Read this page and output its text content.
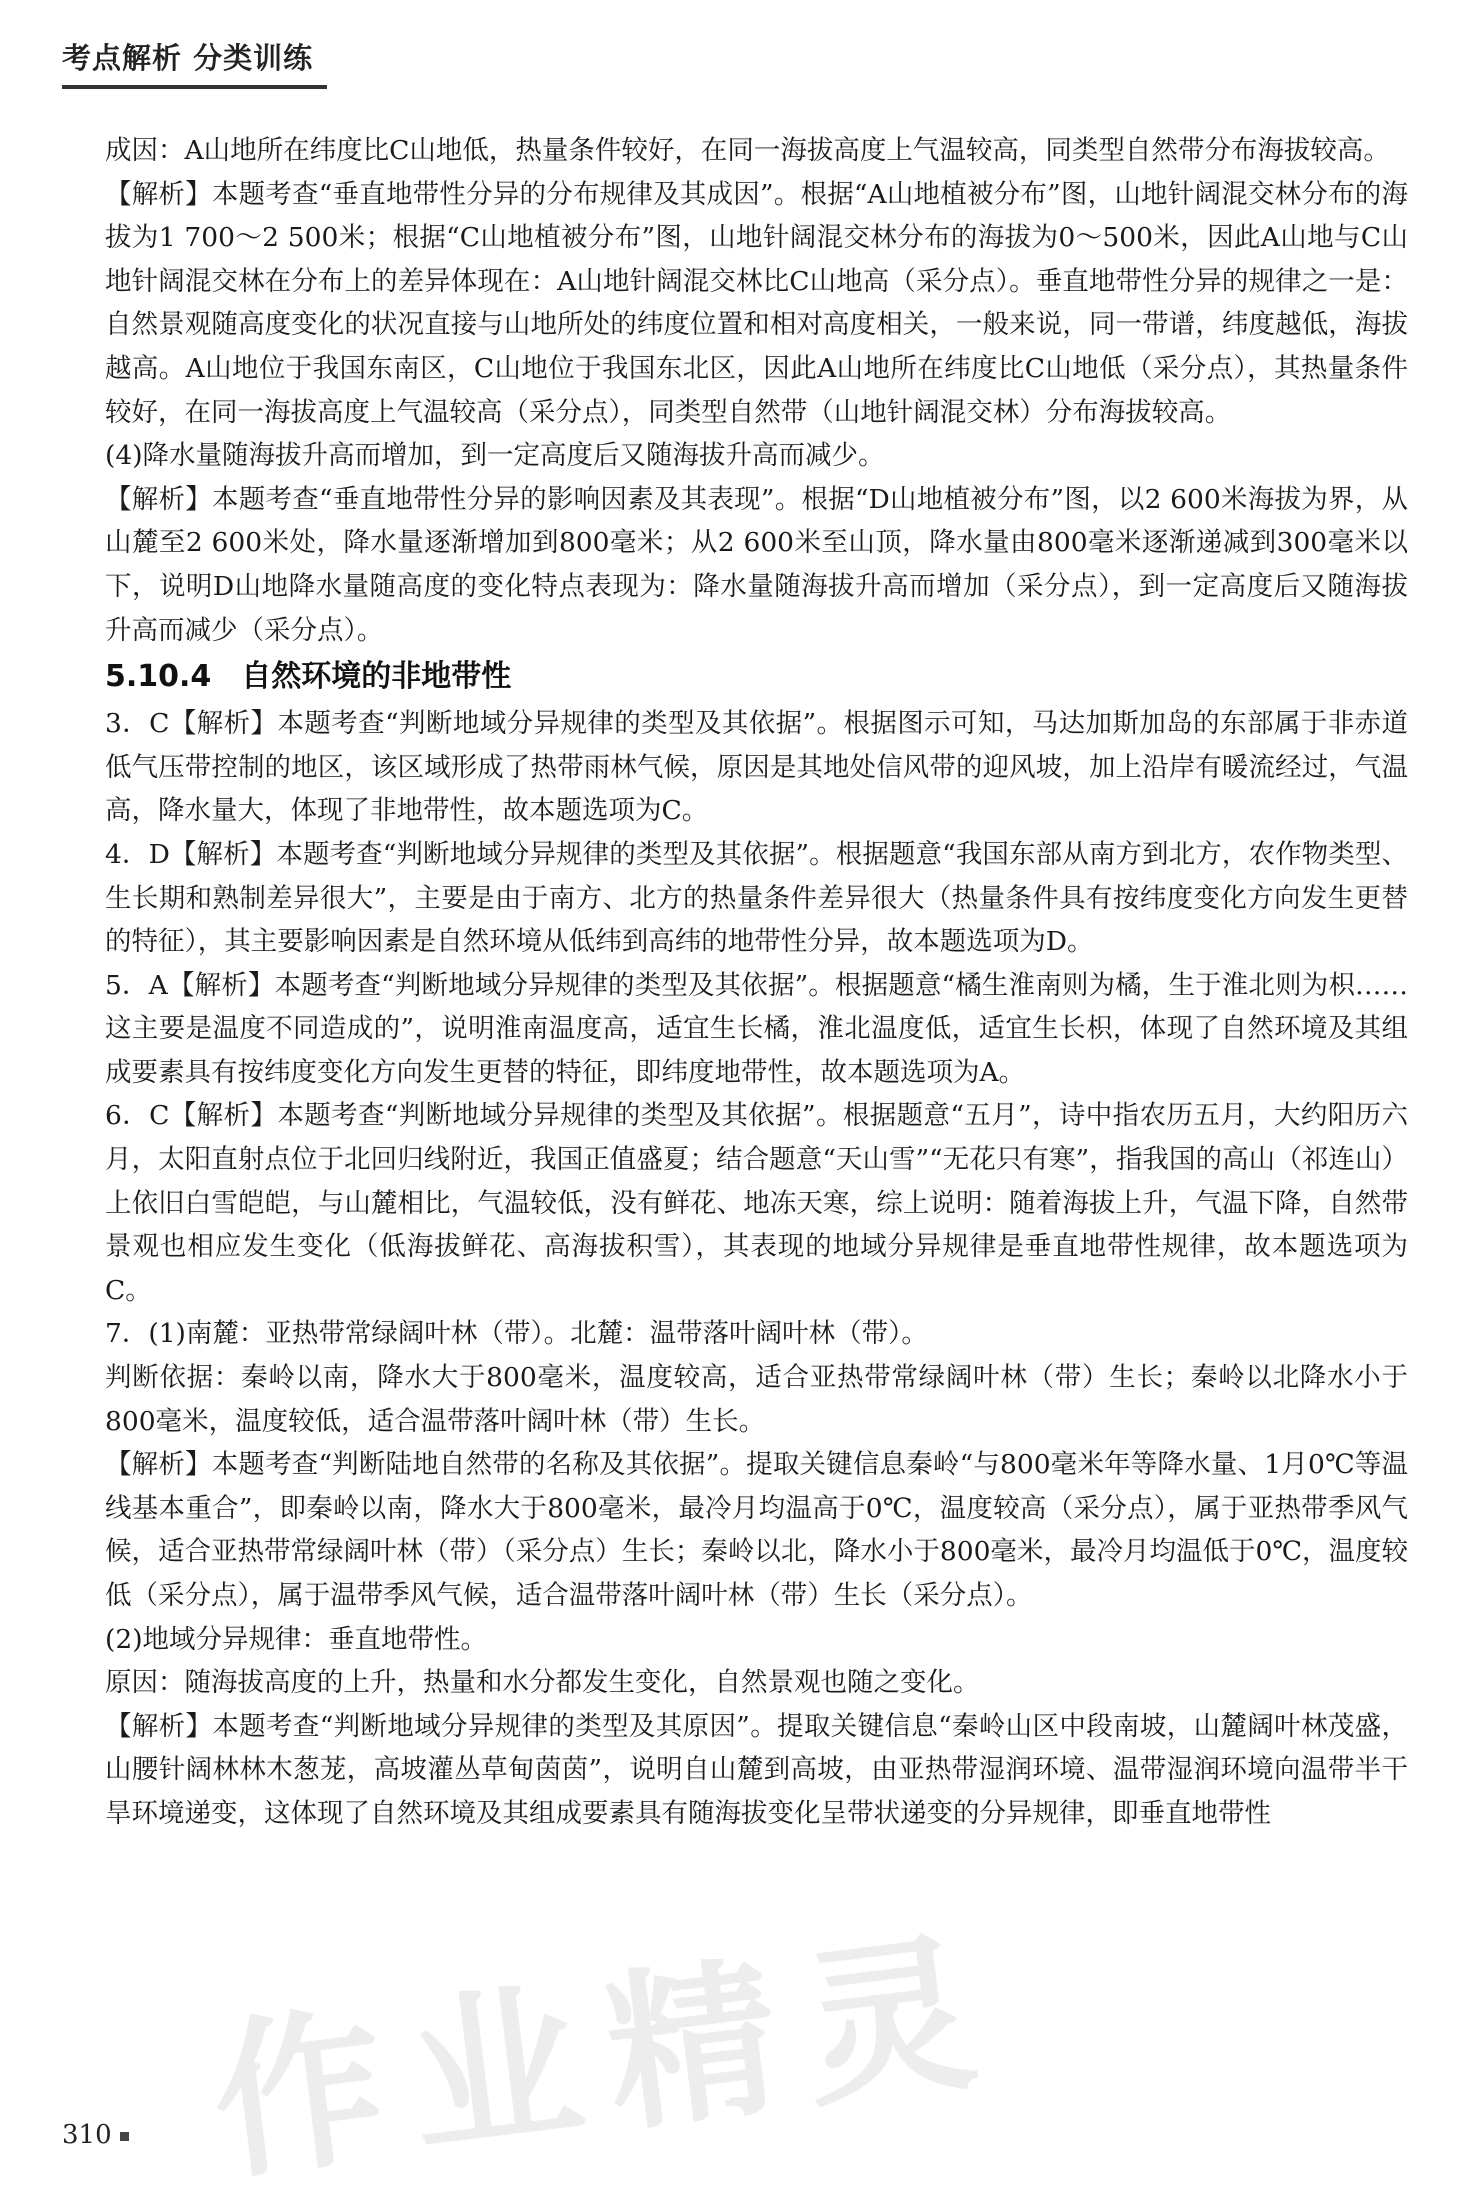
考点解析 分类训练

成因：A山地所在纬度比C山地低，热量条件较好，在同一海拔高度上气温较高，同类型自然带分布海拔较高。

【解析】本题考查“垂直地带性分异的分布规律及其成因”。根据“A山地植被分布”图，山地针阔混交林分布的海拔为1 700～2 500米；根据“C山地植被分布”图，山地针阔混交林分布的海拔为0～500米，因此A山地与C山地针阔混交林在分布上的差异体现在：A山地针阔混交林比C山地高（采分点）。垂直地带性分异的规律之一是：自然景观随高度变化的状况直接与山地所处的纬度位置和相对高度相关，一般来说，同一带谱，纬度越低，海拔越高。A山地位于我国东南区，C山地位于我国东北区，因此A山地所在纬度比C山地低（采分点），其热量条件较好，在同一海拔高度上气温较高（采分点），同类型自然带（山地针阔混交林）分布海拔较高。

(4)降水量随海拔升高而增加，到一定高度后又随海拔升高而减少。

【解析】本题考查“垂直地带性分异的影响因素及其表现”。根据“D山地植被分布”图，以2 600米海拔为界，从山麓至2 600米处，降水量逐渐增加到800毫米；从2 600米至山顶，降水量由800毫米逐渐递减到300毫米以下，说明D山地降水量随高度的变化特点表现为：降水量随海拔升高而增加（采分点），到一定高度后又随海拔升高而减少（采分点）。

5.10.4　自然环境的非地带性

3．C【解析】本题考查“判断地域分异规律的类型及其依据”。根据图示可知，马达加斯加岛的东部属于非赤道低气压带控制的地区，该区域形成了热带雨林气候，原因是其地处信风带的迎风坡，加上沿岸有暖流经过，气温高，降水量大，体现了非地带性，故本题选项为C。

4．D【解析】本题考查“判断地域分异规律的类型及其依据”。根据题意“我国东部从南方到北方，农作物类型、生长期和熟制差异很大”，主要是由于南方、北方的热量条件差异很大（热量条件具有按纬度变化方向发生更替的特征），其主要影响因素是自然环境从低纬到高纬的地带性分异，故本题选项为D。

5．A【解析】本题考查“判断地域分异规律的类型及其依据”。根据题意“橘生淮南则为橘，生于淮北则为枳……这主要是温度不同造成的”，说明淮南温度高，适宜生长橘，淮北温度低，适宜生长枳，体现了自然环境及其组成要素具有按纬度变化方向发生更替的特征，即纬度地带性，故本题选项为A。

6．C【解析】本题考查“判断地域分异规律的类型及其依据”。根据题意“五月”，诗中指农历五月，大约阳历六月，太阳直射点位于北回归线附近，我国正值盛夏；结合题意“天山雪”“无花只有寒”，指我国的高山（祁连山）上依旧白雪皑皑，与山麓相比，气温较低，没有鲜花、地冻天寒，综上说明：随着海拔上升，气温下降，自然带景观也相应发生变化（低海拔鲜花、高海拔积雪），其表现的地域分异规律是垂直地带性规律，故本题选项为C。

7．(1)南麓：亚热带常绿阔叶林（带）。北麓：温带落叶阔叶林（带）。

判断依据：秦岭以南，降水大于800毫米，温度较高，适合亚热带常绿阔叶林（带）生长；秦岭以北降水小于800毫米，温度较低，适合温带落叶阔叶林（带）生长。

【解析】本题考查“判断陆地自然带的名称及其依据”。提取关键信息秦岭“与800毫米年等降水量、1月0℃等温线基本重合”，即秦岭以南，降水大于800毫米，最冷月均温高于0℃，温度较高（采分点），属于亚热带季风气候，适合亚热带常绿阔叶林（带）（采分点）生长；秦岭以北，降水小于800毫米，最冷月均温低于0℃，温度较低（采分点），属于温带季风气候，适合温带落叶阔叶林（带）生长（采分点）。

(2)地域分异规律：垂直地带性。

原因：随海拔高度的上升，热量和水分都发生变化，自然景观也随之变化。

【解析】本题考查“判断地域分异规律的类型及其原因”。提取关键信息“秦岭山区中段南坡，山麓阔叶林茂盛，山腰针阔林林木葱茏，高坡灌丛草甸茵茵”，说明自山麓到高坡，由亚热带湿润环境、温带湿润环境向温带半干旱环境递变，这体现了自然环境及其组成要素具有随海拔变化呈带状递变的分异规律，即垂直地带性

作业精灵
310
